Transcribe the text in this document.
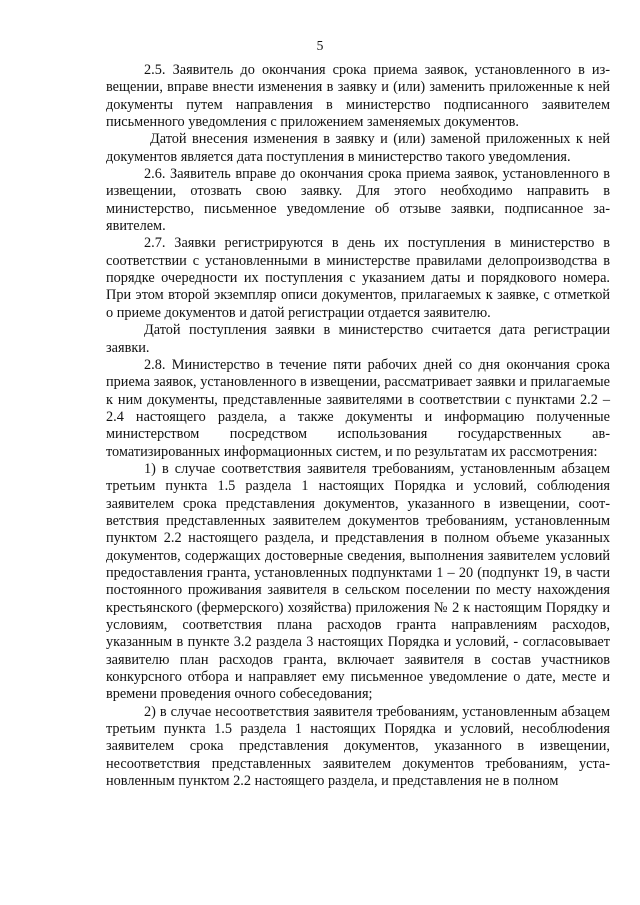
5

2.5. Заявитель до окончания срока приема заявок, установленного в извещении, вправе внести изменения в заявку и (или) заменить приложенные к ней документы путем направления в министерство подписанного заявителем письменного уведомления с приложением заменяемых документов.

Датой внесения изменения в заявку и (или) заменой приложенных к ней документов является дата поступления в министерство такого уведомления.

2.6. Заявитель вправе до окончания срока приема заявок, установленного в извещении, отозвать свою заявку. Для этого необходимо направить в министерство, письменное уведомление об отзыве заявки, подписанное заявителем.

2.7. Заявки регистрируются в день их поступления в министерство в соответствии с установленными в министерстве правилами делопроизводства в порядке очередности их поступления с указанием даты и порядкового номера. При этом второй экземпляр описи документов, прилагаемых к заявке, с отметкой о приеме документов и датой регистрации отдается заявителю.

Датой поступления заявки в министерство считается дата регистрации заявки.

2.8. Министерство в течение пяти рабочих дней со дня окончания срока приема заявок, установленного в извещении, рассматривает заявки и прилагаемые к ним документы, представленные заявителями в соответствии с пунктами 2.2 – 2.4 настоящего раздела, а также документы и информацию полученные министерством посредством использования государственных автоматизированных информационных систем, и по результатам их рассмотрения:

1) в случае соответствия заявителя требованиям, установленным абзацем третьим пункта 1.5 раздела 1 настоящих Порядка и условий, соблюдения заявителем срока представления документов, указанного в извещении, соответствия представленных заявителем документов требованиям, установленным пунктом 2.2 настоящего раздела, и представления в полном объеме указанных документов, содержащих достоверные сведения, выполнения заявителем условий предоставления гранта, установленных подпунктами 1 – 20 (подпункт 19, в части постоянного проживания заявителя в сельском поселении по месту нахождения крестьянского (фермерского) хозяйства) приложения № 2 к настоящим Порядку и условиям, соответствия плана расходов гранта направлениям расходов, указанным в пункте 3.2 раздела 3 настоящих Порядка и условий, - согласовывает заявителю план расходов гранта, включает заявителя в состав участников конкурсного отбора и направляет ему письменное уведомление о дате, месте и времени проведения очного собеседования;

2) в случае несоответствия заявителя требованиям, установленным абзацем третьим пункта 1.5 раздела 1 настоящих Порядка и условий, несоблюdения заявителем срока представления документов, указанного в извещении, несоответствия представленных заявителем документов требованиям, установленным пунктом 2.2 настоящего раздела, и представления не в полном
